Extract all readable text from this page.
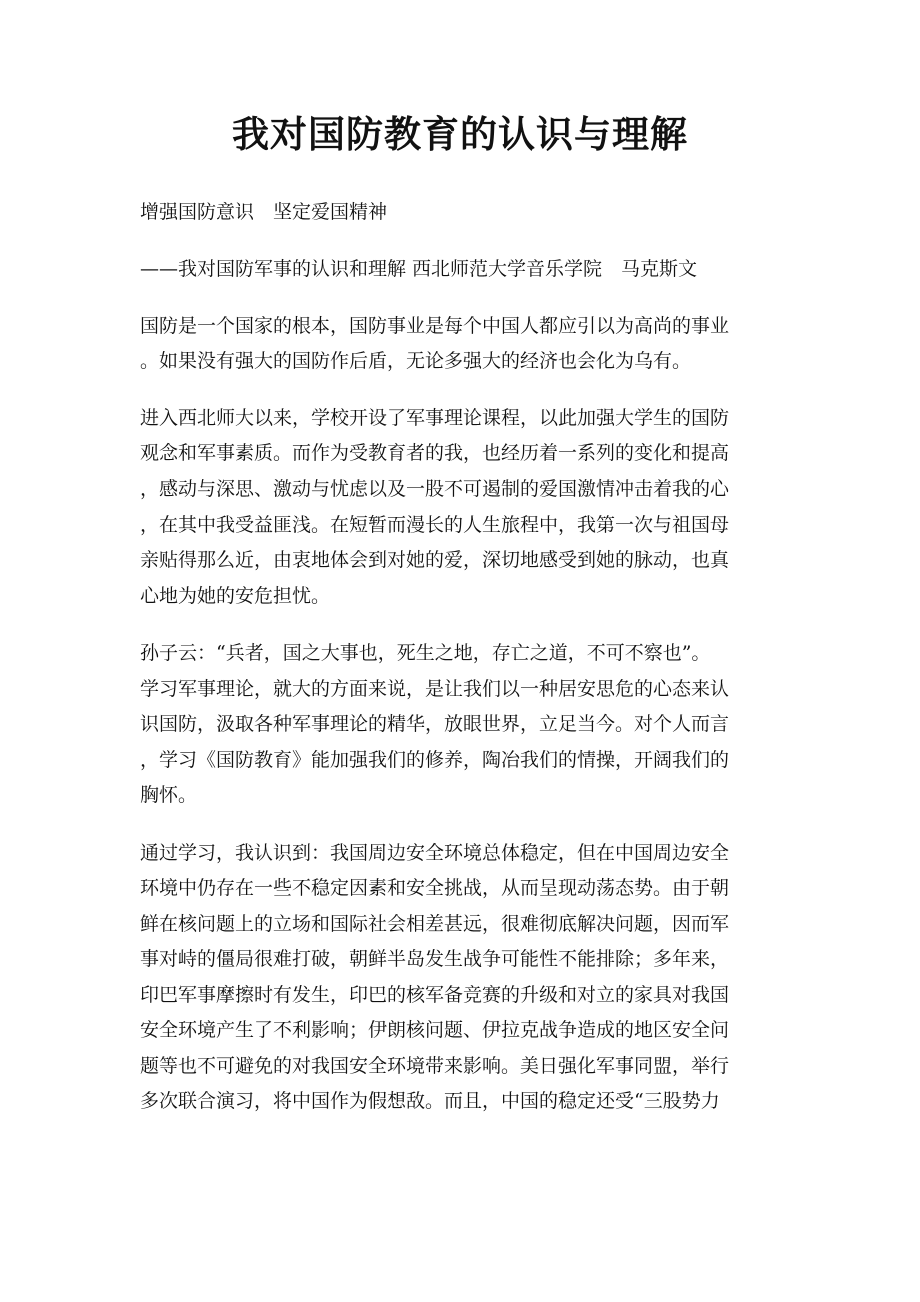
我对国防教育的认识与理解
增强国防意识　坚定爱国精神
——我对国防军事的认识和理解 西北师范大学音乐学院　马克斯文
国防是一个国家的根本，国防事业是每个中国人都应引以为高尚的事业
。如果没有强大的国防作后盾，无论多强大的经济也会化为乌有。
进入西北师大以来，学校开设了军事理论课程，以此加强大学生的国防
观念和军事素质。而作为受教育者的我，也经历着一系列的变化和提高
，感动与深思、激动与忧虑以及一股不可遏制的爱国激情冲击着我的心
，在其中我受益匪浅。在短暂而漫长的人生旅程中，我第一次与祖国母
亲贴得那么近，由衷地体会到对她的爱，深切地感受到她的脉动，也真
心地为她的安危担忧。
孙子云：“兵者，国之大事也，死生之地，存亡之道，不可不察也”。
学习军事理论，就大的方面来说，是让我们以一种居安思危的心态来认
识国防，汲取各种军事理论的精华，放眼世界，立足当今。对个人而言
，学习《国防教育》能加强我们的修养，陶冶我们的情操，开阔我们的
胸怀。
通过学习，我认识到：我国周边安全环境总体稳定，但在中国周边安全
环境中仍存在一些不稳定因素和安全挑战，从而呈现动荡态势。由于朝
鲜在核问题上的立场和国际社会相差甚远，很难彻底解决问题，因而军
事对峙的僵局很难打破，朝鲜半岛发生战争可能性不能排除；多年来，
印巴军事摩擦时有发生，印巴的核军备竞赛的升级和对立的家具对我国
安全环境产生了不利影响；伊朗核问题、伊拉克战争造成的地区安全问
题等也不可避免的对我国安全环境带来影响。美日强化军事同盟，举行
多次联合演习，将中国作为假想敌。而且，中国的稳定还受“三股势力
